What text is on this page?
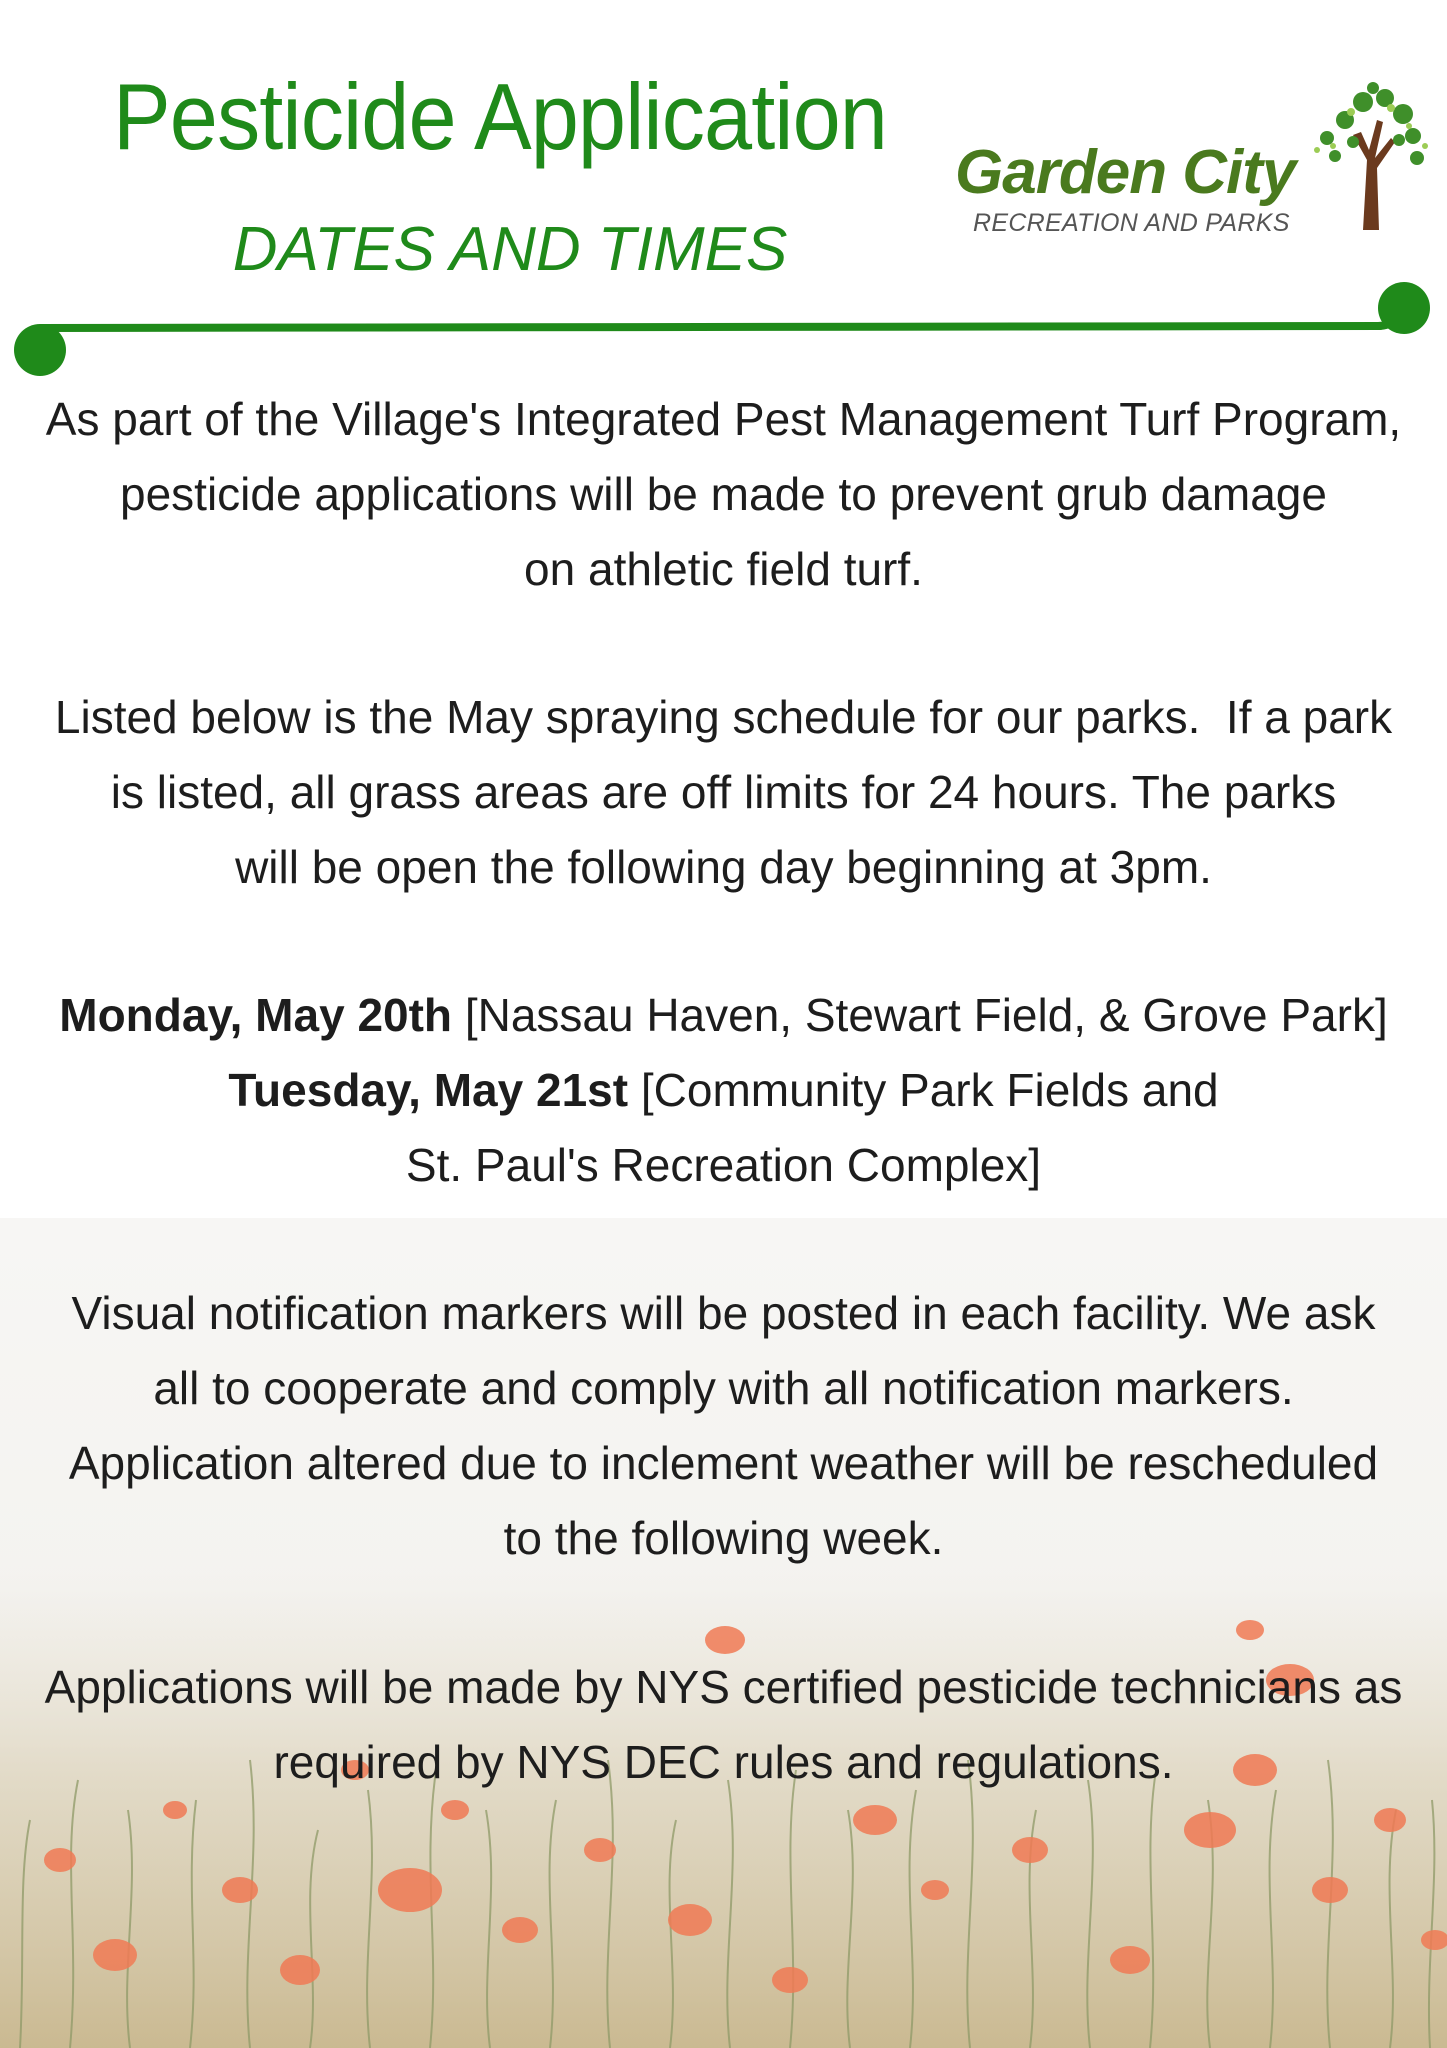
Pesticide Application
DATES AND TIMES
Garden City
RECREATION AND PARKS
As part of the Village's Integrated Pest Management Turf Program,
pesticide applications will be made to prevent grub damage
on athletic field turf.
Listed below is the May spraying schedule for our parks.  If a park
is listed, all grass areas are off limits for 24 hours. The parks
will be open the following day beginning at 3pm.
Monday, May 20th [Nassau Haven, Stewart Field, & Grove Park]
Tuesday, May 21st [Community Park Fields and
St. Paul's Recreation Complex]
Visual notification markers will be posted in each facility. We ask
all to cooperate and comply with all notification markers.
Application altered due to inclement weather will be rescheduled
to the following week.
Applications will be made by NYS certified pesticide technicians as
required by NYS DEC rules and regulations.
